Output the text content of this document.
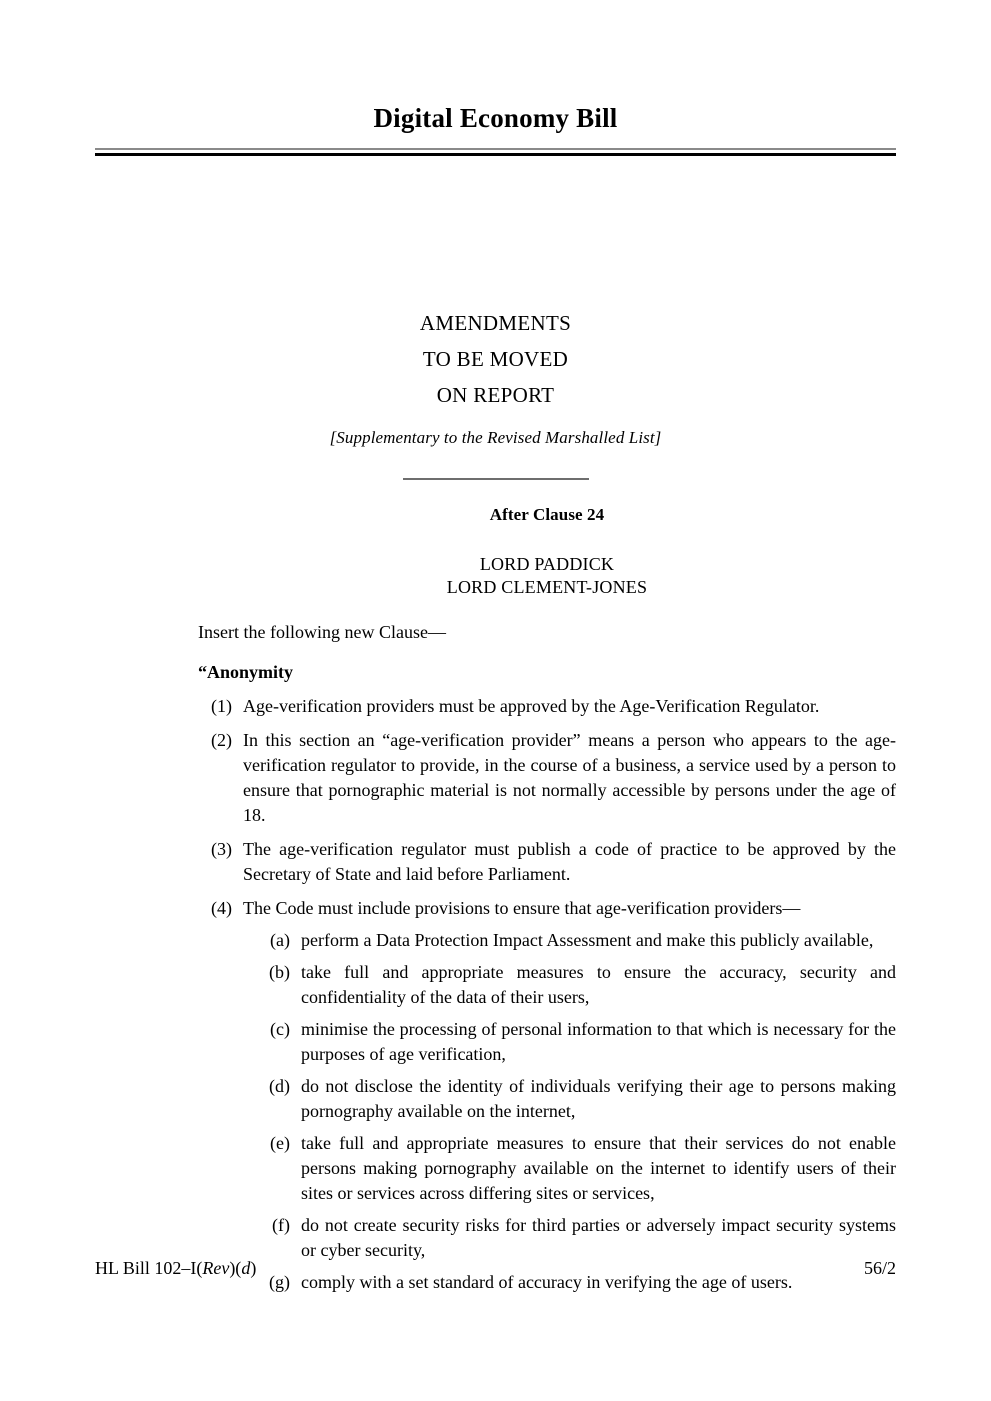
Digital Economy Bill
AMENDMENTS
TO BE MOVED
ON REPORT
[Supplementary to the Revised Marshalled List]
After Clause 24
LORD PADDICK
LORD CLEMENT-JONES
Insert the following new Clause—
“Anonymity
(1) Age-verification providers must be approved by the Age-Verification Regulator.
(2) In this section an “age-verification provider” means a person who appears to the age-verification regulator to provide, in the course of a business, a service used by a person to ensure that pornographic material is not normally accessible by persons under the age of 18.
(3) The age-verification regulator must publish a code of practice to be approved by the Secretary of State and laid before Parliament.
(4) The Code must include provisions to ensure that age-verification providers—
(a) perform a Data Protection Impact Assessment and make this publicly available,
(b) take full and appropriate measures to ensure the accuracy, security and confidentiality of the data of their users,
(c) minimise the processing of personal information to that which is necessary for the purposes of age verification,
(d) do not disclose the identity of individuals verifying their age to persons making pornography available on the internet,
(e) take full and appropriate measures to ensure that their services do not enable persons making pornography available on the internet to identify users of their sites or services across differing sites or services,
(f) do not create security risks for third parties or adversely impact security systems or cyber security,
(g) comply with a set standard of accuracy in verifying the age of users.
HL Bill 102–I(Rev)(d)	56/2
